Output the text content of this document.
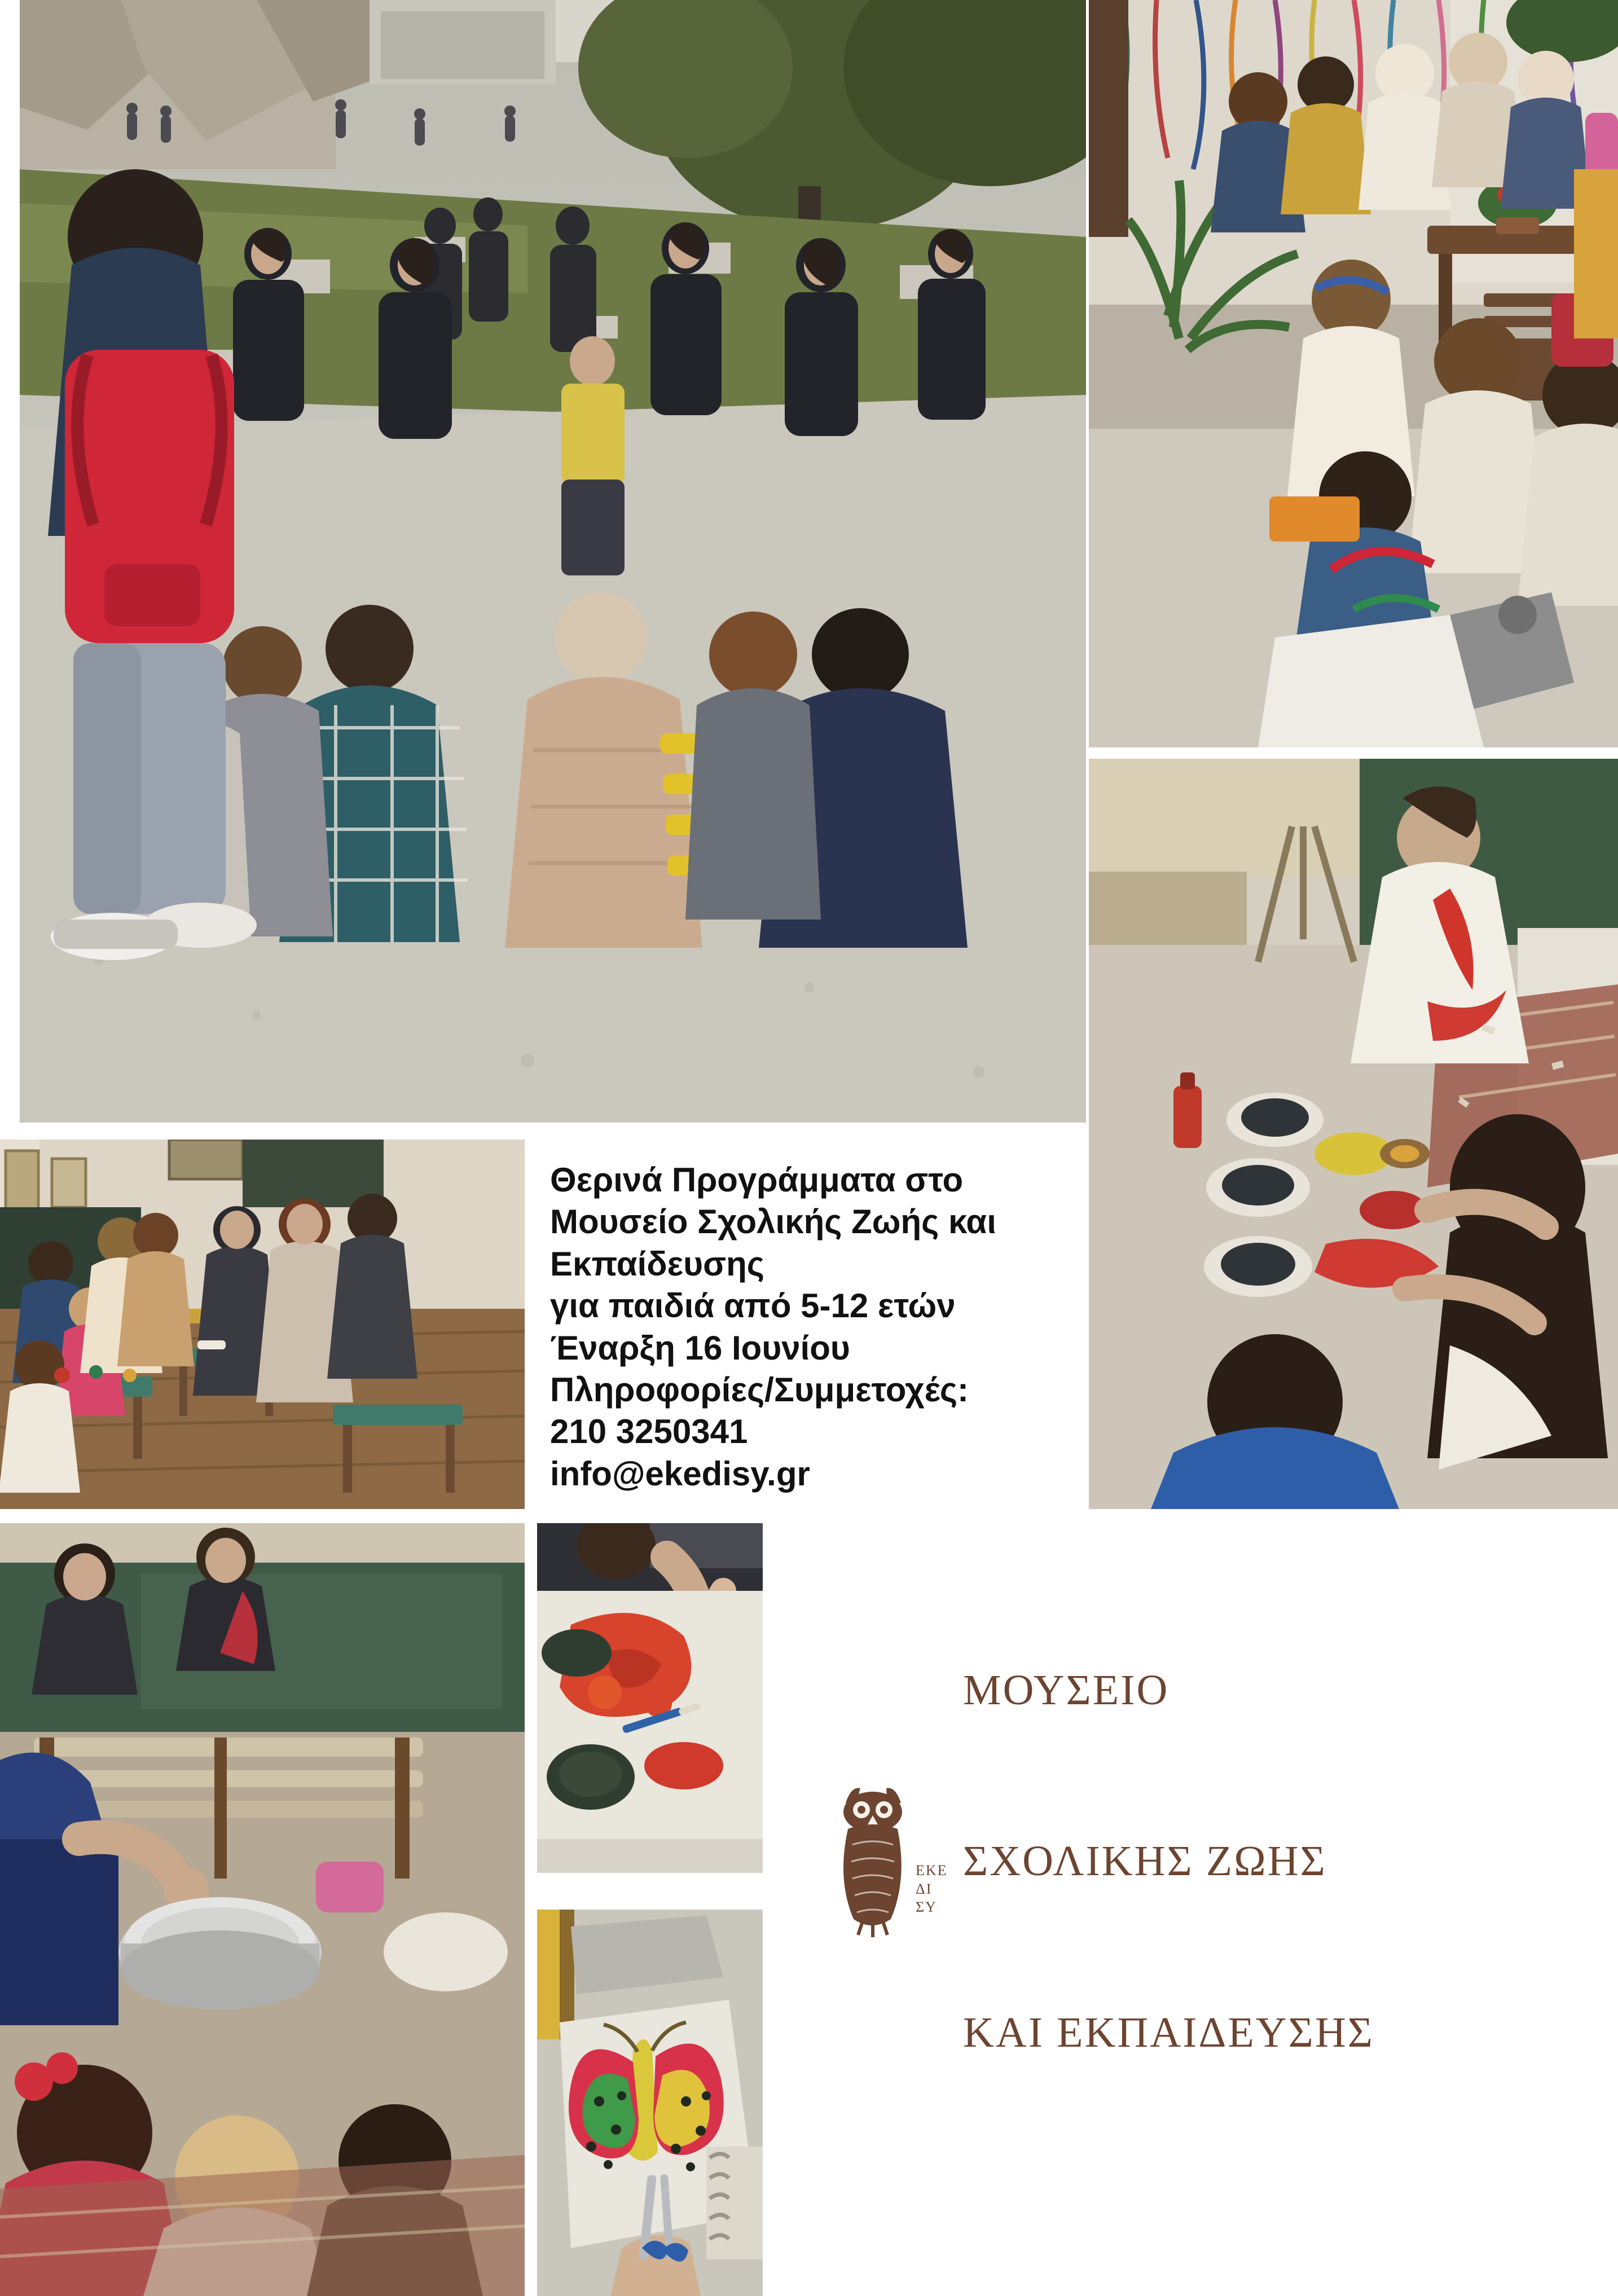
Θερινά Προγράμματα στο
Μουσείο Σχολικής Ζωής και
Εκπαίδευσης
για παιδιά από 5-12 ετών
Έναρξη 16 Ιουνίου
Πληροφορίες/Συμμετοχές:
210 3250341
info@ekedisy.gr
ΕΚΕ
ΔΙ
ΣΥ

ΜΟΥΣΕΙΟ

ΣΧΟΛΙΚΗΣ ΖΩΗΣ

ΚΑΙ ΕΚΠΑΙΔΕΥΣΗΣ
